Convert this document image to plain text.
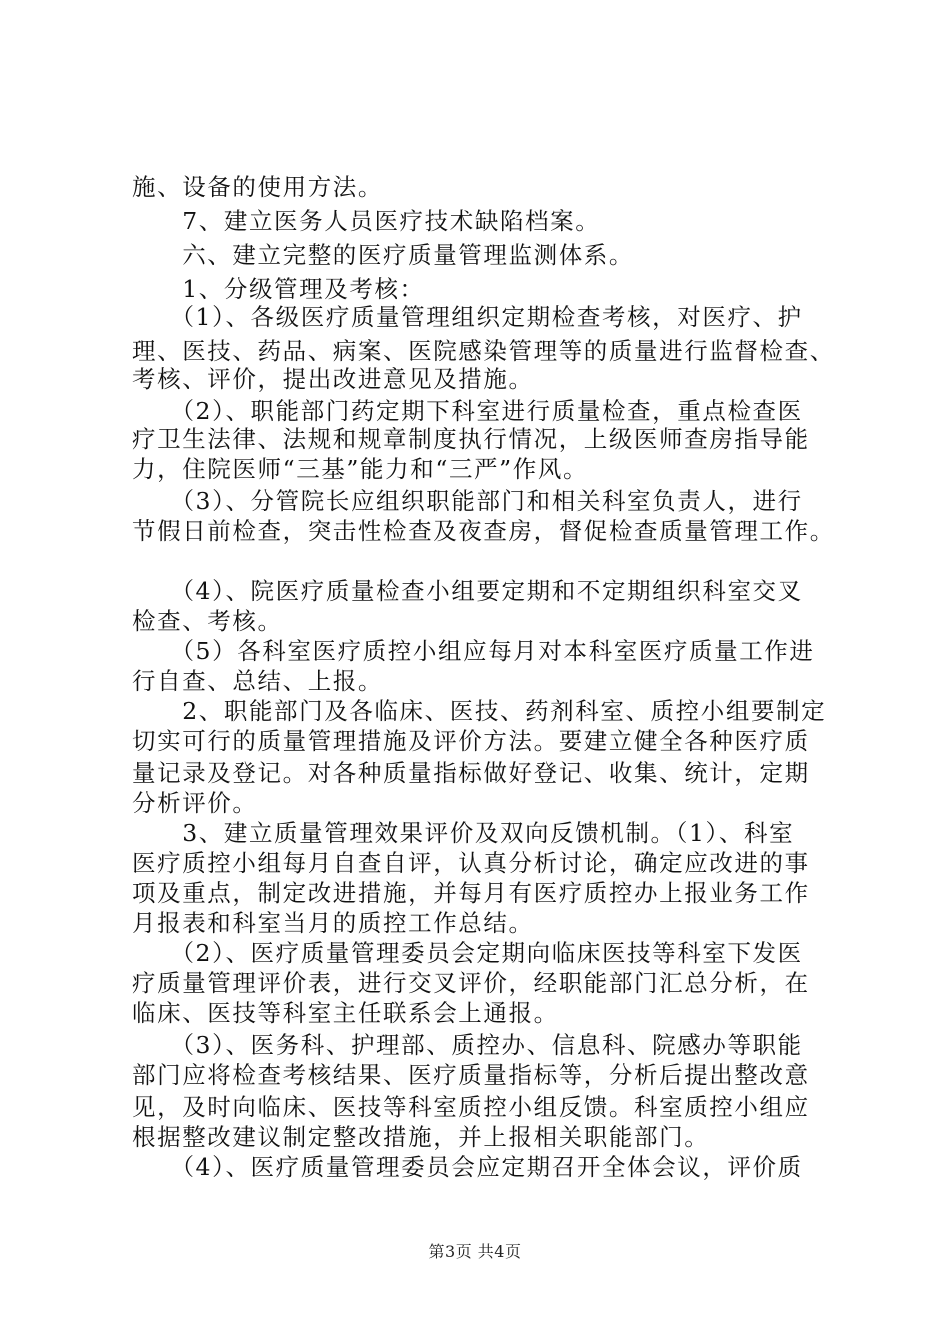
施、设备的使用方法。
　　7、建立医务人员医疗技术缺陷档案。
　　六、建立完整的医疗质量管理监测体系。
　　1、分级管理及考核：
　　（1）、各级医疗质量管理组织定期检查考核，对医疗、护
理、医技、药品、病案、医院感染管理等的质量进行监督检查、
考核、评价，提出改进意见及措施。
　　（2）、职能部门药定期下科室进行质量检查，重点检查医
疗卫生法律、法规和规章制度执行情况，上级医师查房指导能
力，住院医师“三基”能力和“三严”作风。
　　（3）、分管院长应组织职能部门和相关科室负责人，进行
节假日前检查，突击性检查及夜查房，督促检查质量管理工作。
　　（4）、院医疗质量检查小组要定期和不定期组织科室交叉
检查、考核。
　　（5）各科室医疗质控小组应每月对本科室医疗质量工作进
行自查、总结、上报。
　　2、职能部门及各临床、医技、药剂科室、质控小组要制定
切实可行的质量管理措施及评价方法。要建立健全各种医疗质
量记录及登记。对各种质量指标做好登记、收集、统计，定期
分析评价。
　　3、建立质量管理效果评价及双向反馈机制。（1）、科室
医疗质控小组每月自查自评，认真分析讨论，确定应改进的事
项及重点，制定改进措施，并每月有医疗质控办上报业务工作
月报表和科室当月的质控工作总结。
　　（2）、医疗质量管理委员会定期向临床医技等科室下发医
疗质量管理评价表，进行交叉评价，经职能部门汇总分析，在
临床、医技等科室主任联系会上通报。
　　（3）、医务科、护理部、质控办、信息科、院感办等职能
部门应将检查考核结果、医疗质量指标等，分析后提出整改意
见，及时向临床、医技等科室质控小组反馈。科室质控小组应
根据整改建议制定整改措施，并上报相关职能部门。
　　（4）、医疗质量管理委员会应定期召开全体会议，评价质
第3页 共4页
